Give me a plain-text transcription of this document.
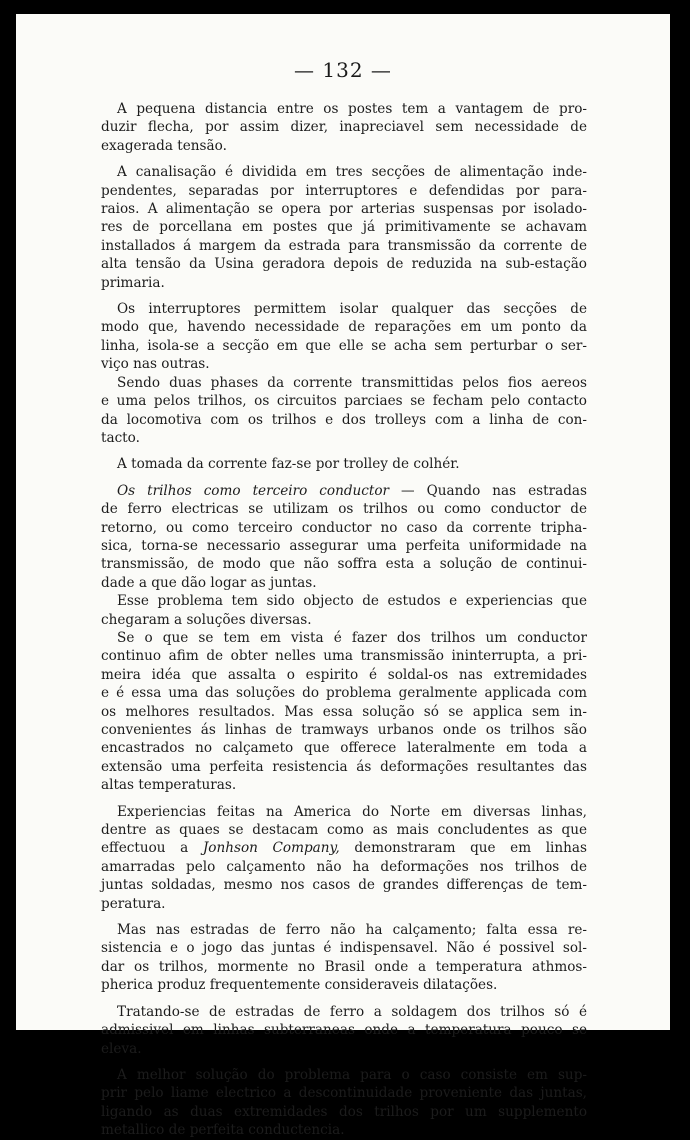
— 132 —

A pequena distancia entre os postes tem a vantagem de pro-
duzir flecha, por assim dizer, inapreciavel sem necessidade de
exagerada tensão.

A canalisação é dividida em tres secções de alimentação inde-
pendentes, separadas por interruptores e defendidas por para-
raios. A alimentação se opera por arterias suspensas por isolado-
res de porcellana em postes que já primitivamente se achavam
installados á margem da estrada para transmissão da corrente de
alta tensão da Usina geradora depois de reduzida na sub-estação
primaria.

Os interruptores permittem isolar qualquer das secções de
modo que, havendo necessidade de reparações em um ponto da
linha, isola-se a secção em que elle se acha sem perturbar o ser-
viço nas outras.

Sendo duas phases da corrente transmittidas pelos fios aereos
e uma pelos trilhos, os circuitos parciaes se fecham pelo contacto
da locomotiva com os trilhos e dos trolleys com a linha de con-
tacto.

A tomada da corrente faz-se por trolley de colhér.

Os trilhos como terceiro conductor — Quando nas estradas
de ferro electricas se utilizam os trilhos ou como conductor de
retorno, ou como terceiro conductor no caso da corrente tripha-
sica, torna-se necessario assegurar uma perfeita uniformidade na
transmissão, de modo que não soffra esta a solução de continui-
dade a que dão logar as juntas.

Esse problema tem sido objecto de estudos e experiencias que
chegaram a soluções diversas.

Se o que se tem em vista é fazer dos trilhos um conductor
continuo afim de obter nelles uma transmissão ininterrupta, a pri-
meira idéa que assalta o espirito é soldal-os nas extremidades
e é essa uma das soluções do problema geralmente applicada com
os melhores resultados. Mas essa solução só se applica sem in-
convenientes ás linhas de tramways urbanos onde os trilhos são
encastrados no calçameto que offerece lateralmente em toda a
extensão uma perfeita resistencia ás deformações resultantes das
altas temperaturas.

Experiencias feitas na America do Norte em diversas linhas,
dentre as quaes se destacam como as mais concludentes as que
effectuou a Jonhson Company, demonstraram que em linhas
amarradas pelo calçamento não ha deformações nos trilhos de
juntas soldadas, mesmo nos casos de grandes differenças de tem-
peratura.

Mas nas estradas de ferro não ha calçamento; falta essa re-
sistencia e o jogo das juntas é indispensavel. Não é possivel sol-
dar os trilhos, mormente no Brasil onde a temperatura athmos-
pherica produz frequentemente consideraveis dilatações.

Tratando-se de estradas de ferro a soldagem dos trilhos só é
admissivel em linhas subterraneas onde a temperatura pouco se
eleva.

A melhor solução do problema para o caso consiste em sup-
prir pelo liame electrico a descontinuidade proveniente das juntas,
ligando as duas extremidades dos trilhos por um supplemento
metallico de perfeita conductencia.
